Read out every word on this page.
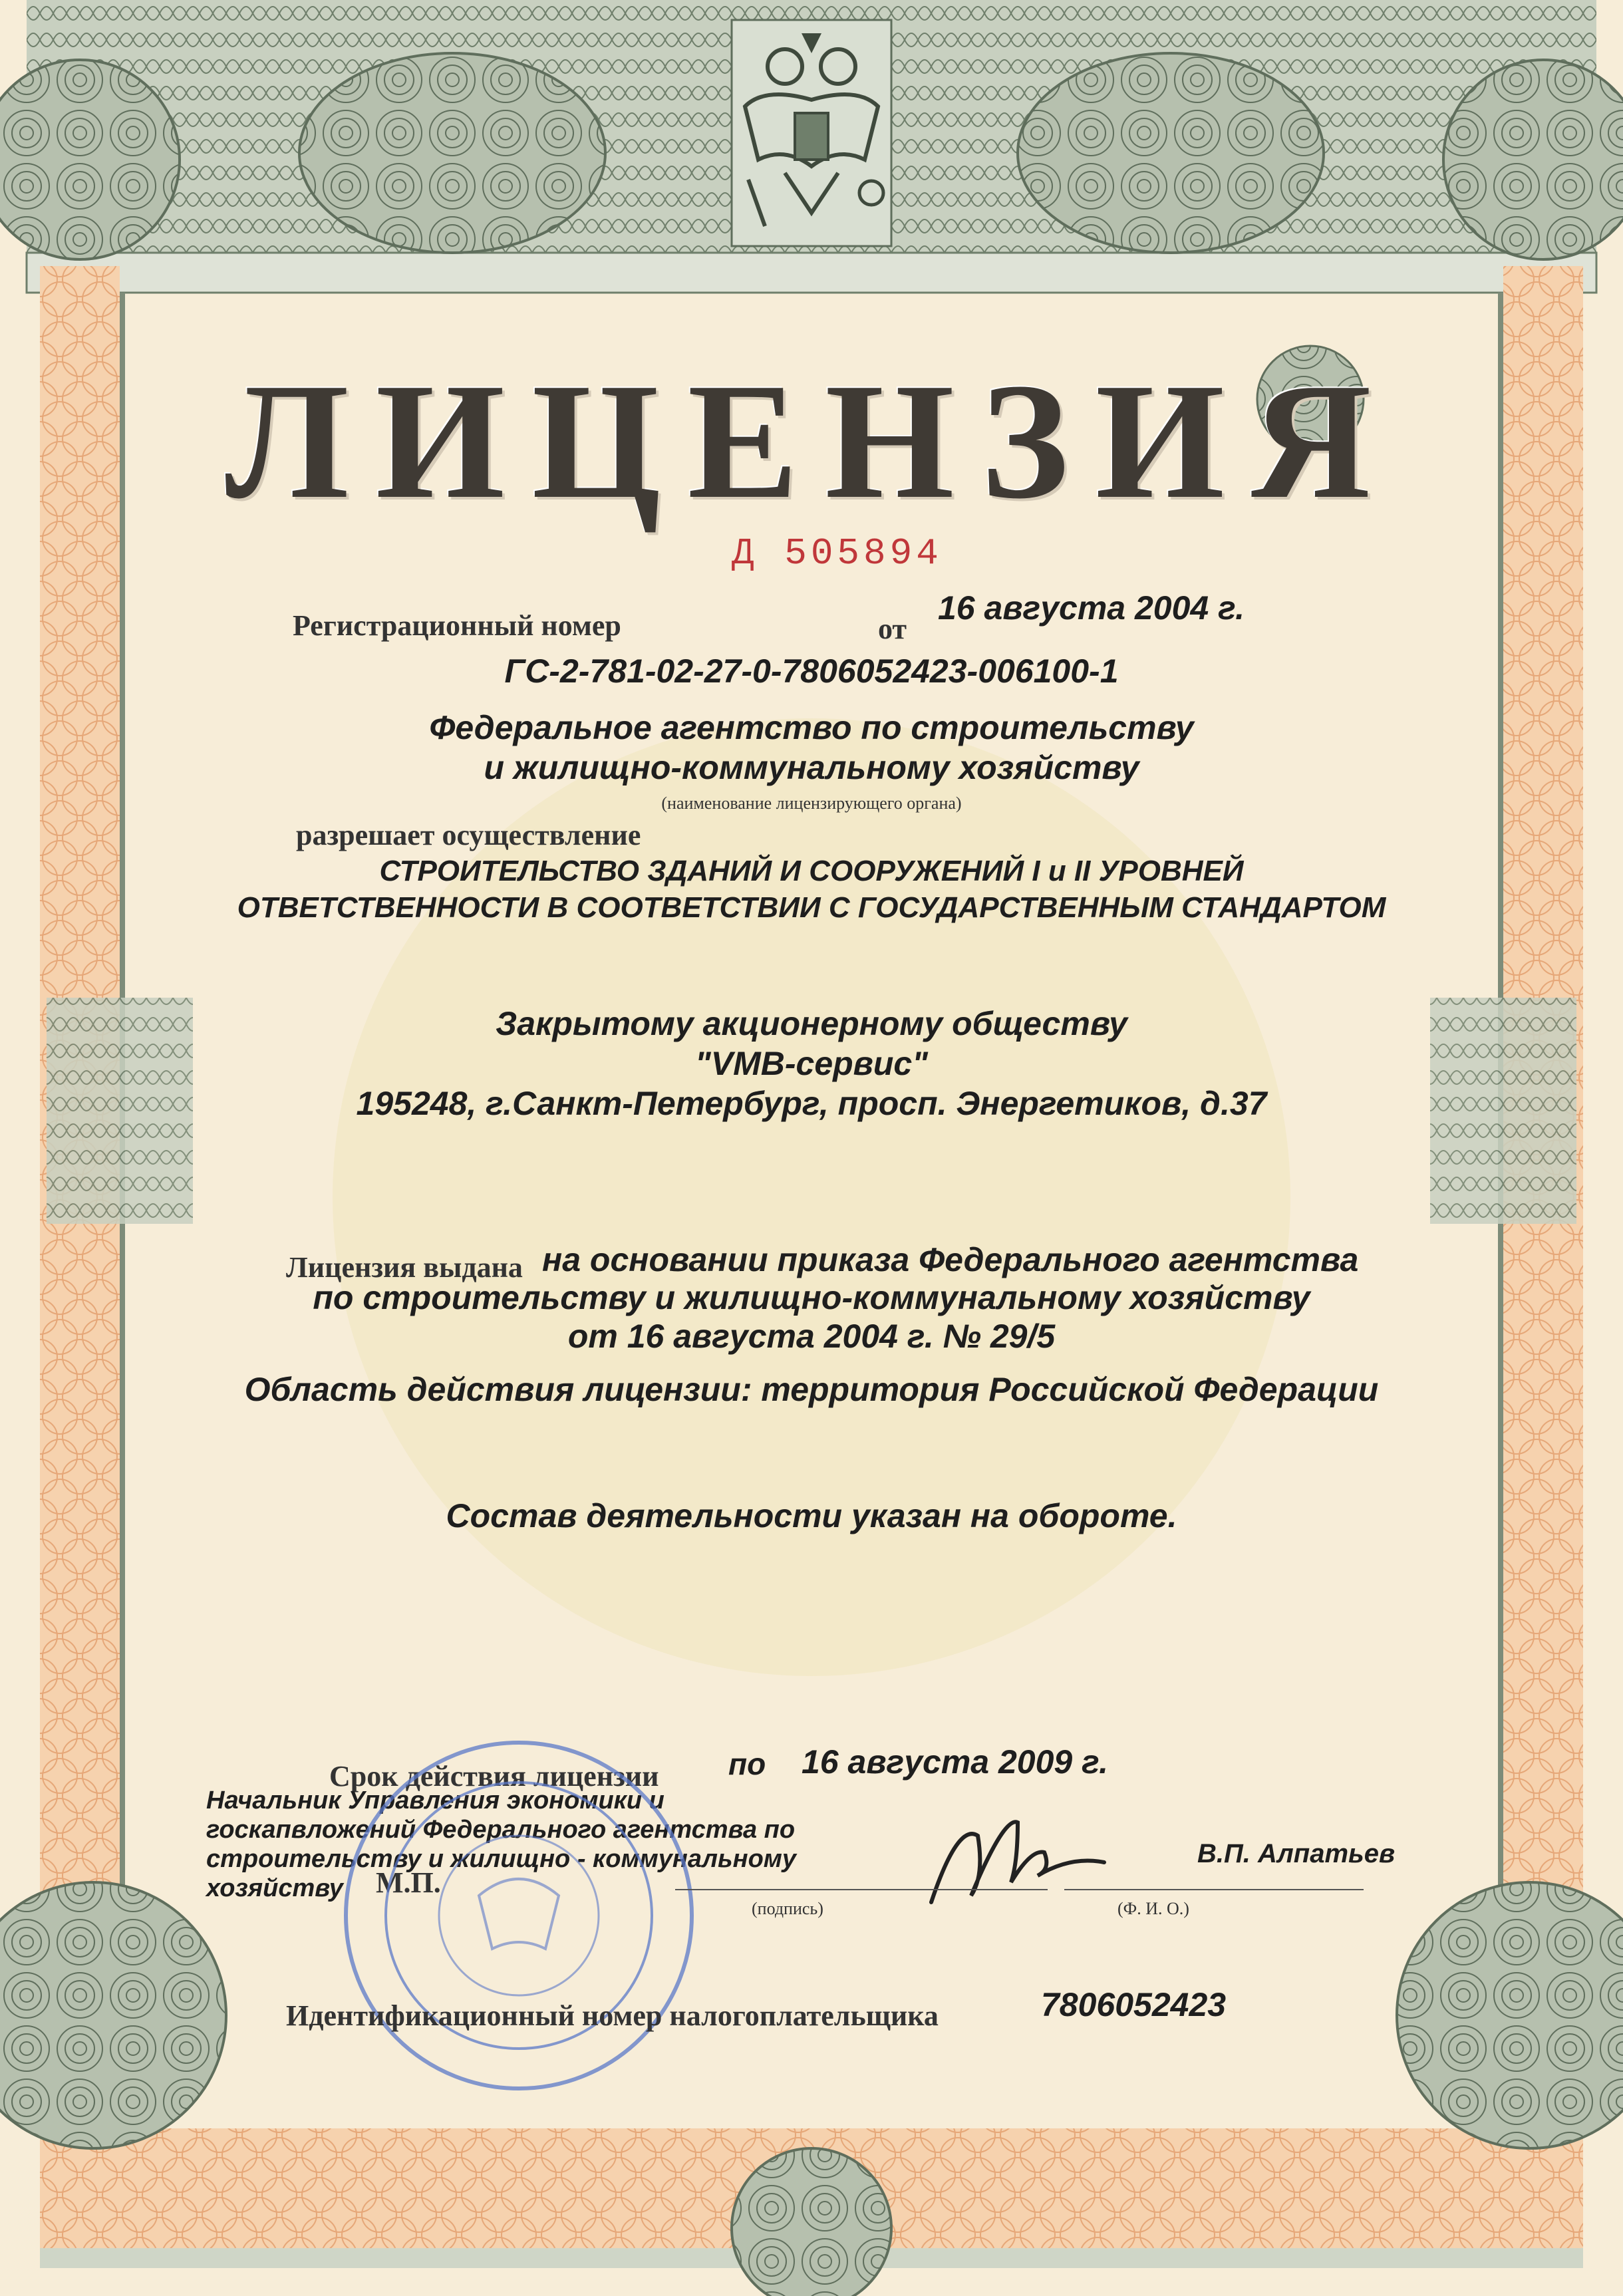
ЛИЦЕНЗИЯ
Д 505894
Регистрационный номер	от
16 августа 2004 г.
ГС-2-781-02-27-0-7806052423-006100-1
Федеральное агентство по строительству
и жилищно-коммунальному хозяйству
(наименование лицензирующего органа)
разрешает осуществление
СТРОИТЕЛЬСТВО ЗДАНИЙ И СООРУЖЕНИЙ I и II УРОВНЕЙ
ОТВЕТСТВЕННОСТИ В СООТВЕТСТВИИ С ГОСУДАРСТВЕННЫМ СТАНДАРТОМ
Закрытому акционерному обществу
"VMB-сервис"
195248, г.Санкт-Петербург, просп. Энергетиков, д.37
Лицензия выдана на основании приказа Федерального агентства
по строительству и жилищно-коммунальному хозяйству
от 16 августа 2004 г. № 29/5
Область действия лицензии: территория Российской Федерации
Состав деятельности указан на обороте.
Срок действия лицензии по 16 августа 2009 г.
Начальник Управления экономики и
госкапвложений Федерального агентства по
строительству и жилищно - коммунальному
хозяйству	М.П.
(подпись)	(Ф. И. О.)
В.П. Алпатьев
Идентификационный номер налогоплательщика	7806052423
